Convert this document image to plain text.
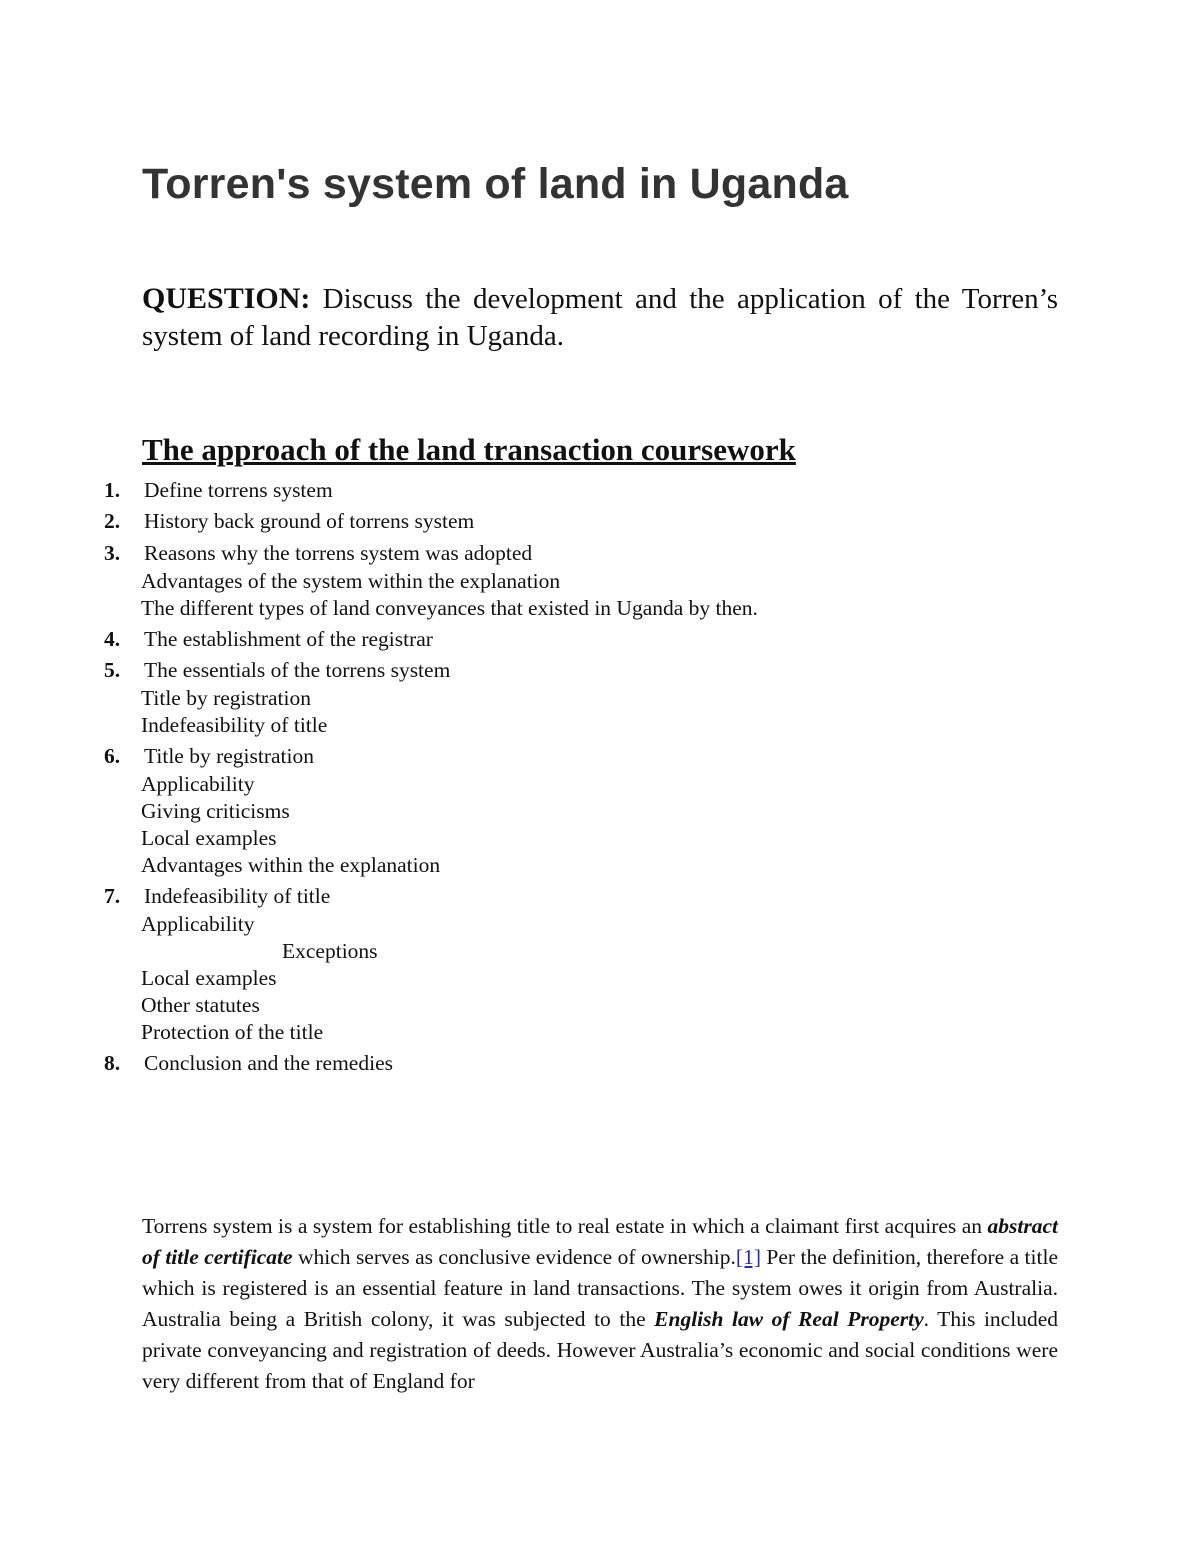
Torren's system of land in Uganda

QUESTION: Discuss the development and the application of the Torren’s system of land recording in Uganda.

The approach of the land transaction coursework
1.	Define torrens system
2.	History back ground of torrens system
3.	Reasons why the torrens system was adopted
Advantages of the system within the explanation
The different types of land conveyances that existed in Uganda by then.
4.	The establishment of the registrar
5.	The essentials of the torrens system
Title by registration
Indefeasibility of title
6.	Title by registration
Applicability
Giving criticisms
Local examples
Advantages within the explanation
7.	Indefeasibility of title
Applicability
Exceptions
Local examples
Other statutes
Protection of the title
8.	Conclusion and the remedies

Torrens system is a system for establishing title to real estate in which a claimant first acquires an abstract of title certificate which serves as conclusive evidence of ownership.[1] Per the definition, therefore a title which is registered is an essential feature in land transactions. The system owes it origin from Australia. Australia being a British colony, it was subjected to the English law of Real Property. This included private conveyancing and registration of deeds. However Australia’s economic and social conditions were very different from that of England for
